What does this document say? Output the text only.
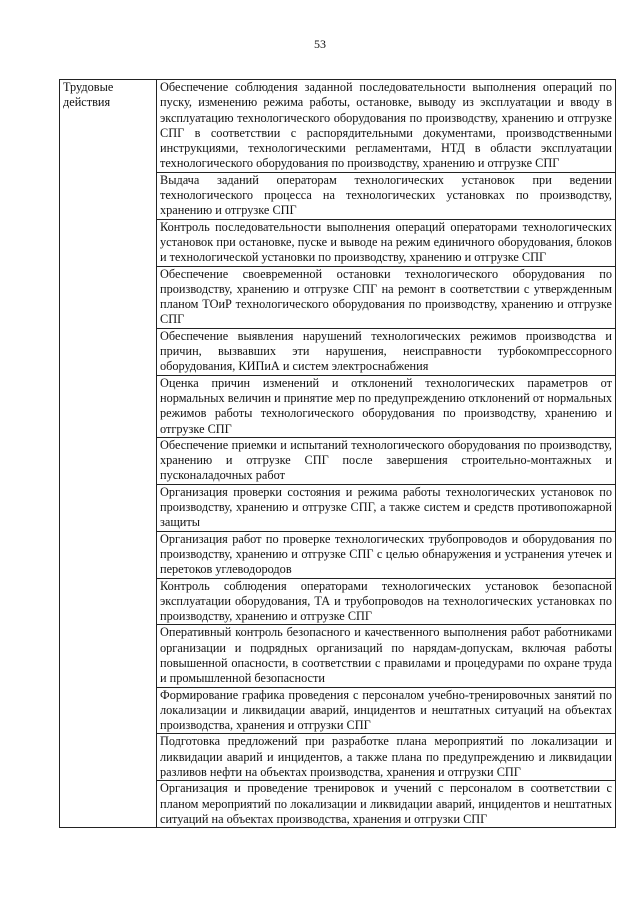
53
Трудовые действия	Обеспечение соблюдения заданной последовательности выполнения операций по пуску, изменению режима работы, остановке, выводу из эксплуатации и вводу в эксплуатацию технологического оборудования по производству, хранению и отгрузке СПГ в соответствии с распорядительными документами, производственными инструкциями, технологическими регламентами, НТД в области эксплуатации технологического оборудования по производству, хранению и отгрузке СПГ
Выдача заданий операторам технологических установок при ведении технологического процесса на технологических установках по производству, хранению и отгрузке СПГ
Контроль последовательности выполнения операций операторами технологических установок при остановке, пуске и выводе на режим единичного оборудования, блоков и технологической установки по производству, хранению и отгрузке СПГ
Обеспечение своевременной остановки технологического оборудования по производству, хранению и отгрузке СПГ на ремонт в соответствии с утвержденным планом ТОиР технологического оборудования по производству, хранению и отгрузке СПГ
Обеспечение выявления нарушений технологических режимов производства и причин, вызвавших эти нарушения, неисправности турбокомпрессорного оборудования, КИПиА и систем электроснабжения
Оценка причин изменений и отклонений технологических параметров от нормальных величин и принятие мер по предупреждению отклонений от нормальных режимов работы технологического оборудования по производству, хранению и отгрузке СПГ
Обеспечение приемки и испытаний технологического оборудования по производству, хранению и отгрузке СПГ после завершения строительно-монтажных и пусконаладочных работ
Организация проверки состояния и режима работы технологических установок по производству, хранению и отгрузке СПГ, а также систем и средств противопожарной защиты
Организация работ по проверке технологических трубопроводов и оборудования по производству, хранению и отгрузке СПГ с целью обнаружения и устранения утечек и перетоков углеводородов
Контроль соблюдения операторами технологических установок безопасной эксплуатации оборудования, ТА и трубопроводов на технологических установках по производству, хранению и отгрузке СПГ
Оперативный контроль безопасного и качественного выполнения работ работниками организации и подрядных организаций по нарядам-допускам, включая работы повышенной опасности, в соответствии с правилами и процедурами по охране труда и промышленной безопасности
Формирование графика проведения с персоналом учебно-тренировочных занятий по локализации и ликвидации аварий, инцидентов и нештатных ситуаций на объектах производства, хранения и отгрузки СПГ
Подготовка предложений при разработке плана мероприятий по локализации и ликвидации аварий и инцидентов, а также плана по предупреждению и ликвидации разливов нефти на объектах производства, хранения и отгрузки СПГ
Организация и проведение тренировок и учений с персоналом в соответствии с планом мероприятий по локализации и ликвидации аварий, инцидентов и нештатных ситуаций на объектах производства, хранения и отгрузки СПГ
